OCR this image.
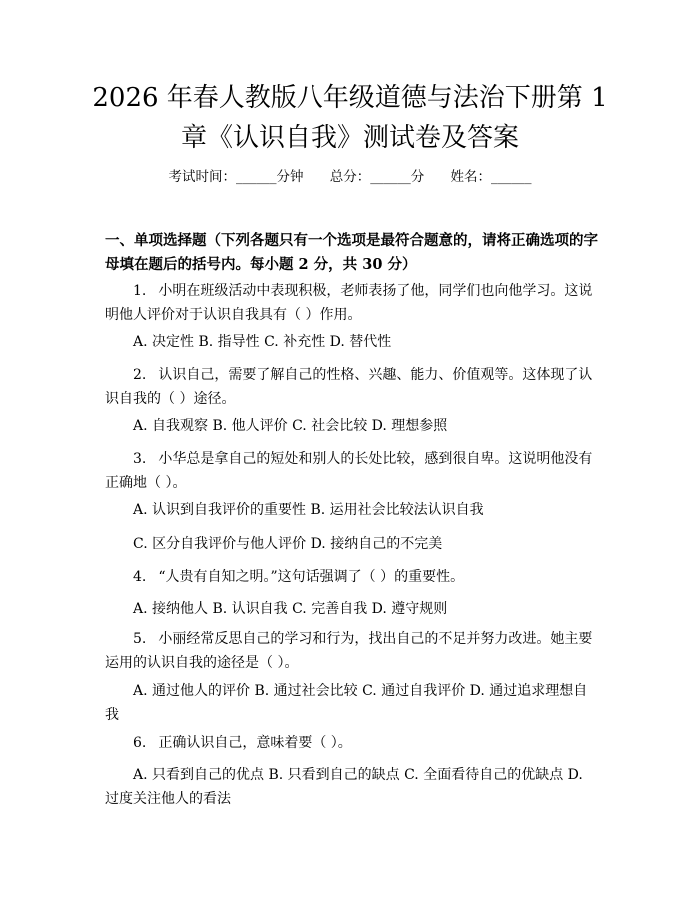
2026 年春人教版八年级道德与法治下册第 1
章《认识自我》测试卷及答案
考试时间：______分钟 总分：______分 姓名：______
一、单项选择题（下列各题只有一个选项是最符合题意的，请将正确选项的字母填在题后的括号内。每小题 2 分，共 30 分）
1. 小明在班级活动中表现积极，老师表扬了他，同学们也向他学习。这说明他人评价对于认识自我具有（ ）作用。
A. 决定性 B. 指导性 C. 补充性 D. 替代性
2. 认识自己，需要了解自己的性格、兴趣、能力、价值观等。这体现了认识自我的（ ）途径。
A. 自我观察 B. 他人评价 C. 社会比较 D. 理想参照
3. 小华总是拿自己的短处和别人的长处比较，感到很自卑。这说明他没有正确地（ ）。
A. 认识到自我评价的重要性 B. 运用社会比较法认识自我
C. 区分自我评价与他人评价 D. 接纳自己的不完美
4. “人贵有自知之明。”这句话强调了（ ）的重要性。
A. 接纳他人 B. 认识自我 C. 完善自我 D. 遵守规则
5. 小丽经常反思自己的学习和行为，找出自己的不足并努力改进。她主要运用的认识自我的途径是（ ）。
A. 通过他人的评价 B. 通过社会比较 C. 通过自我评价 D. 通过追求理想自我
6. 正确认识自己，意味着要（ ）。
A. 只看到自己的优点 B. 只看到自己的缺点 C. 全面看待自己的优缺点 D. 过度关注他人的看法
